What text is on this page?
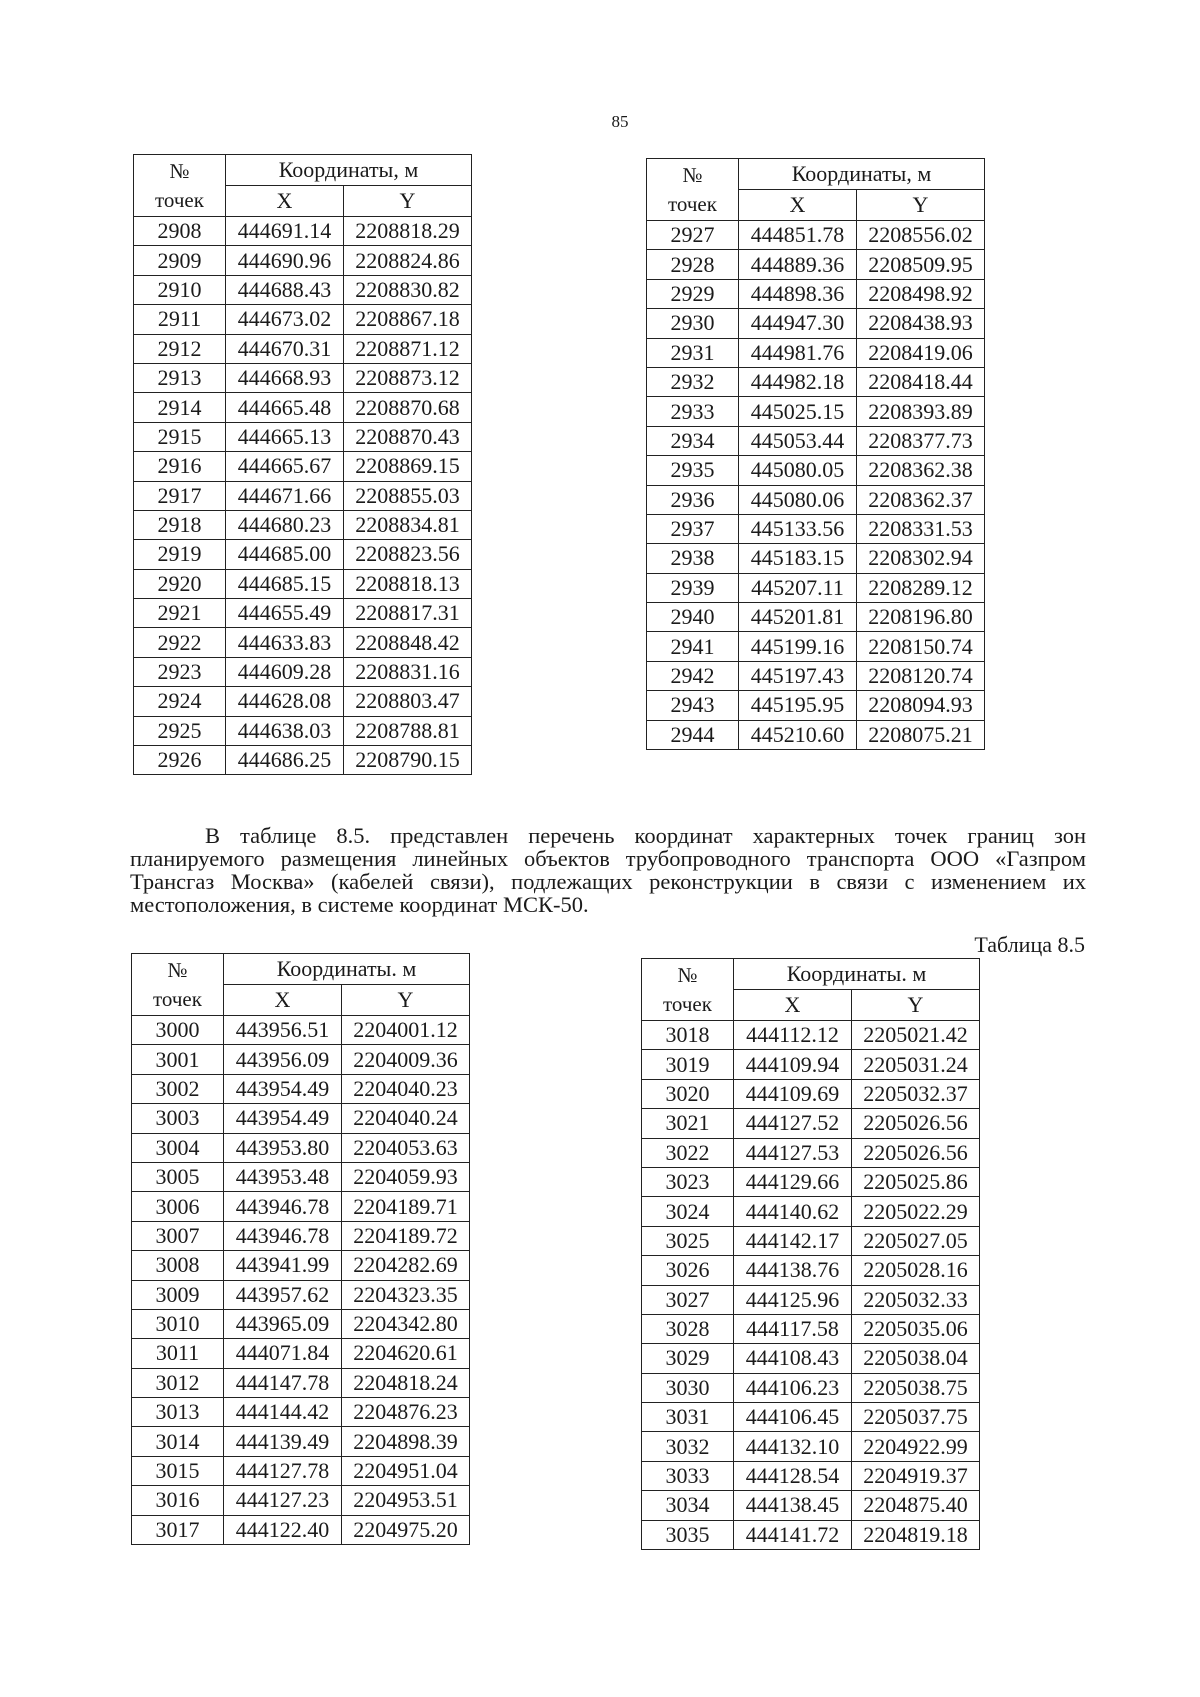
85
№
точек	Координаты, м	
	X	Y
2908	444691.14	2208818.29
2909	444690.96	2208824.86
2910	444688.43	2208830.82
2911	444673.02	2208867.18
2912	444670.31	2208871.12
2913	444668.93	2208873.12
2914	444665.48	2208870.68
2915	444665.13	2208870.43
2916	444665.67	2208869.15
2917	444671.66	2208855.03
2918	444680.23	2208834.81
2919	444685.00	2208823.56
2920	444685.15	2208818.13
2921	444655.49	2208817.31
2922	444633.83	2208848.42
2923	444609.28	2208831.16
2924	444628.08	2208803.47
2925	444638.03	2208788.81
2926	444686.25	2208790.15
№
точек	Координаты, м	
	X	Y
2927	444851.78	2208556.02
2928	444889.36	2208509.95
2929	444898.36	2208498.92
2930	444947.30	2208438.93
2931	444981.76	2208419.06
2932	444982.18	2208418.44
2933	445025.15	2208393.89
2934	445053.44	2208377.73
2935	445080.05	2208362.38
2936	445080.06	2208362.37
2937	445133.56	2208331.53
2938	445183.15	2208302.94
2939	445207.11	2208289.12
2940	445201.81	2208196.80
2941	445199.16	2208150.74
2942	445197.43	2208120.74
2943	445195.95	2208094.93
2944	445210.60	2208075.21

В таблице 8.5. представлен перечень координат характерных точек границ зон планируемого размещения линейных объектов трубопроводного транспорта ООО «Газпром Трансгаз Москва» (кабелей связи), подлежащих реконструкции в связи с изменением их местоположения, в системе координат МСК-50.

Таблица 8.5
№
точек	Координаты. м	
	X	Y
3000	443956.51	2204001.12
3001	443956.09	2204009.36
3002	443954.49	2204040.23
3003	443954.49	2204040.24
3004	443953.80	2204053.63
3005	443953.48	2204059.93
3006	443946.78	2204189.71
3007	443946.78	2204189.72
3008	443941.99	2204282.69
3009	443957.62	2204323.35
3010	443965.09	2204342.80
3011	444071.84	2204620.61
3012	444147.78	2204818.24
3013	444144.42	2204876.23
3014	444139.49	2204898.39
3015	444127.78	2204951.04
3016	444127.23	2204953.51
3017	444122.40	2204975.20
№
точек	Координаты. м	
	X	Y
3018	444112.12	2205021.42
3019	444109.94	2205031.24
3020	444109.69	2205032.37
3021	444127.52	2205026.56
3022	444127.53	2205026.56
3023	444129.66	2205025.86
3024	444140.62	2205022.29
3025	444142.17	2205027.05
3026	444138.76	2205028.16
3027	444125.96	2205032.33
3028	444117.58	2205035.06
3029	444108.43	2205038.04
3030	444106.23	2205038.75
3031	444106.45	2205037.75
3032	444132.10	2204922.99
3033	444128.54	2204919.37
3034	444138.45	2204875.40
3035	444141.72	2204819.18
